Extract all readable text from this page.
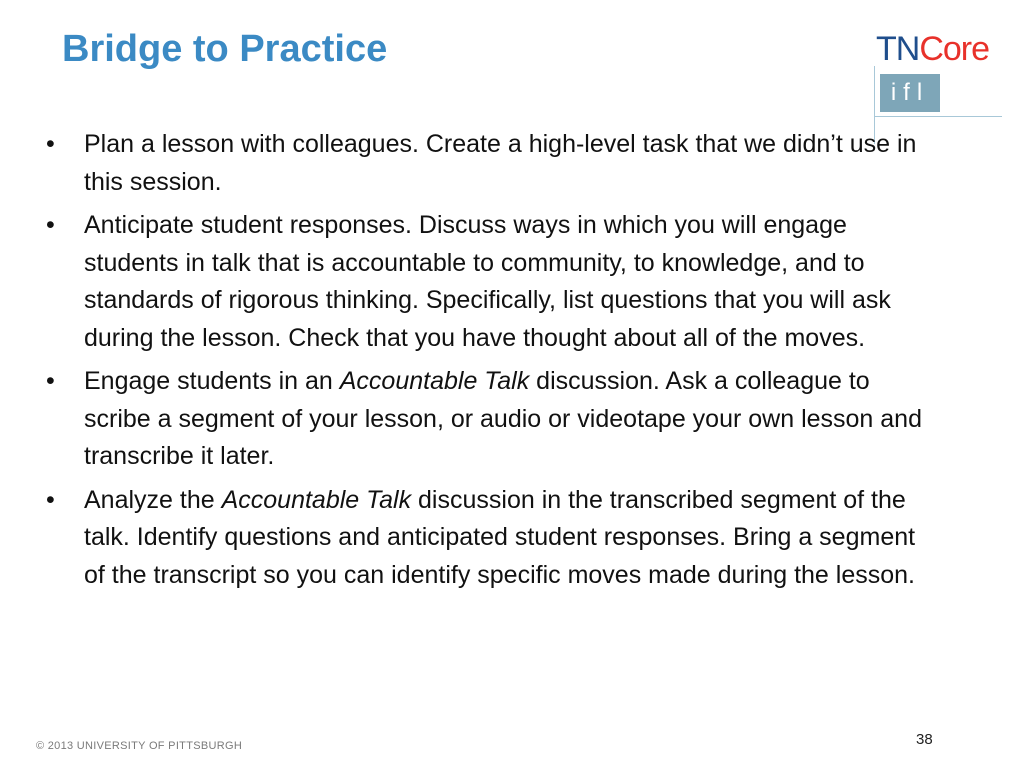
Bridge to Practice	TNCore
ifl
• Plan a lesson with colleagues. Create a high-level task that we didn’t use in this session.
• Anticipate student responses. Discuss ways in which you will engage students in talk that is accountable to community, to knowledge, and to standards of rigorous thinking. Specifically, list questions that you will ask during the lesson. Check that you have thought about all of the moves.
• Engage students in an Accountable Talk discussion. Ask a colleague to scribe a segment of your lesson, or audio or videotape your own lesson and transcribe it later.
• Analyze the Accountable Talk discussion in the transcribed segment of the talk. Identify questions and anticipated student responses. Bring a segment of the transcript so you can identify specific moves made during the lesson.
© 2013 UNIVERSITY OF PITTSBURGH	38
